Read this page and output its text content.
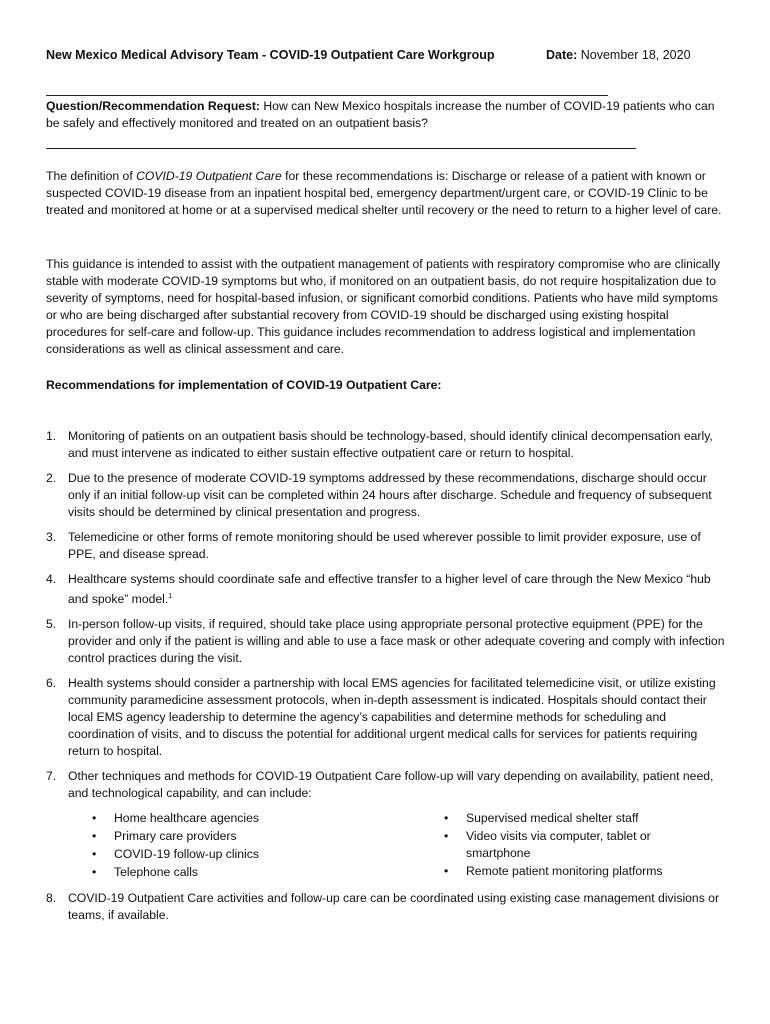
New Mexico Medical Advisory Team - COVID-19 Outpatient Care Workgroup	Date: November 18, 2020
Question/Recommendation Request: How can New Mexico hospitals increase the number of COVID-19 patients who can be safely and effectively monitored and treated on an outpatient basis?
The definition of COVID-19 Outpatient Care for these recommendations is: Discharge or release of a patient with known or suspected COVID-19 disease from an inpatient hospital bed, emergency department/urgent care, or COVID-19 Clinic to be treated and monitored at home or at a supervised medical shelter until recovery or the need to return to a higher level of care.
This guidance is intended to assist with the outpatient management of patients with respiratory compromise who are clinically stable with moderate COVID-19 symptoms but who, if monitored on an outpatient basis, do not require hospitalization due to severity of symptoms, need for hospital-based infusion, or significant comorbid conditions. Patients who have mild symptoms or who are being discharged after substantial recovery from COVID-19 should be discharged using existing hospital procedures for self-care and follow-up. This guidance includes recommendation to address logistical and implementation considerations as well as clinical assessment and care.
Recommendations for implementation of COVID-19 Outpatient Care:
1. Monitoring of patients on an outpatient basis should be technology-based, should identify clinical decompensation early, and must intervene as indicated to either sustain effective outpatient care or return to hospital.
2. Due to the presence of moderate COVID-19 symptoms addressed by these recommendations, discharge should occur only if an initial follow-up visit can be completed within 24 hours after discharge. Schedule and frequency of subsequent visits should be determined by clinical presentation and progress.
3. Telemedicine or other forms of remote monitoring should be used wherever possible to limit provider exposure, use of PPE, and disease spread.
4. Healthcare systems should coordinate safe and effective transfer to a higher level of care through the New Mexico “hub and spoke” model.$^1$
5. In-person follow-up visits, if required, should take place using appropriate personal protective equipment (PPE) for the provider and only if the patient is willing and able to use a face mask or other adequate covering and comply with infection control practices during the visit.
6. Health systems should consider a partnership with local EMS agencies for facilitated telemedicine visit, or utilize existing community paramedicine assessment protocols, when in-depth assessment is indicated. Hospitals should contact their local EMS agency leadership to determine the agency’s capabilities and determine methods for scheduling and coordination of visits, and to discuss the potential for additional urgent medical calls for services for patients requiring return to hospital.
7. Other techniques and methods for COVID-19 Outpatient Care follow-up will vary depending on availability, patient need, and technological capability, and can include:
• Home healthcare agencies
• Primary care providers
• COVID-19 follow-up clinics
• Telephone calls
• Supervised medical shelter staff
• Video visits via computer, tablet or smartphone
• Remote patient monitoring platforms
8. COVID-19 Outpatient Care activities and follow-up care can be coordinated using existing case management divisions or teams, if available.
